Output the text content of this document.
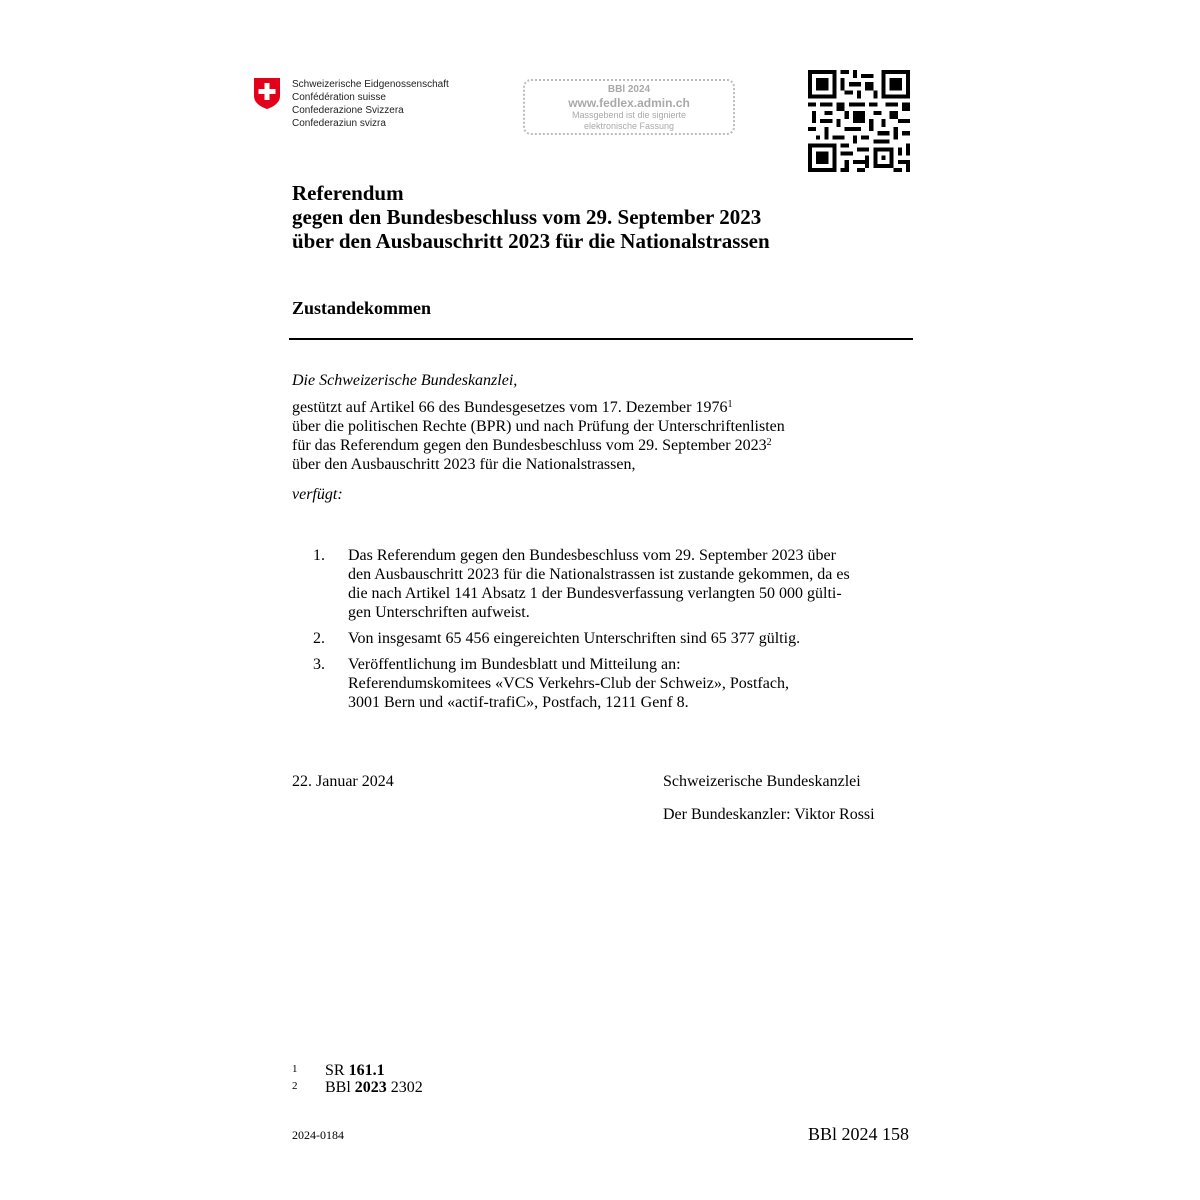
Schweizerische Eidgenossenschaft
Confédération suisse
Confederazione Svizzera
Confederaziun svizra
BBl 2024
www.fedlex.admin.ch
Massgebend ist die signierte
elektronische Fassung
Referendum
gegen den Bundesbeschluss vom 29. September 2023
über den Ausbauschritt 2023 für die Nationalstrassen
Zustandekommen
Die Schweizerische Bundeskanzlei,
gestützt auf Artikel 66 des Bundesgesetzes vom 17. Dezember 1976$^1$
über die politischen Rechte (BPR) und nach Prüfung der Unterschriftenlisten
für das Referendum gegen den Bundesbeschluss vom 29. September 2023$^2$
über den Ausbauschritt 2023 für die Nationalstrassen,
verfügt:
1.	Das Referendum gegen den Bundesbeschluss vom 29. September 2023 über
den Ausbauschritt 2023 für die Nationalstrassen ist zustande gekommen, da es
die nach Artikel 141 Absatz 1 der Bundesverfassung verlangten 50 000 gülti-
gen Unterschriften aufweist.
2.	Von insgesamt 65 456 eingereichten Unterschriften sind 65 377 gültig.
3.	Veröffentlichung im Bundesblatt und Mitteilung an:
Referendumskomitees «VCS Verkehrs-Club der Schweiz», Postfach,
3001 Bern und «actif-trafiC», Postfach, 1211 Genf 8.
22. Januar 2024	Schweizerische Bundeskanzlei
Der Bundeskanzler: Viktor Rossi
1	SR 161.1
2	BBl 2023 2302
2024-0184	BBl 2024 158
